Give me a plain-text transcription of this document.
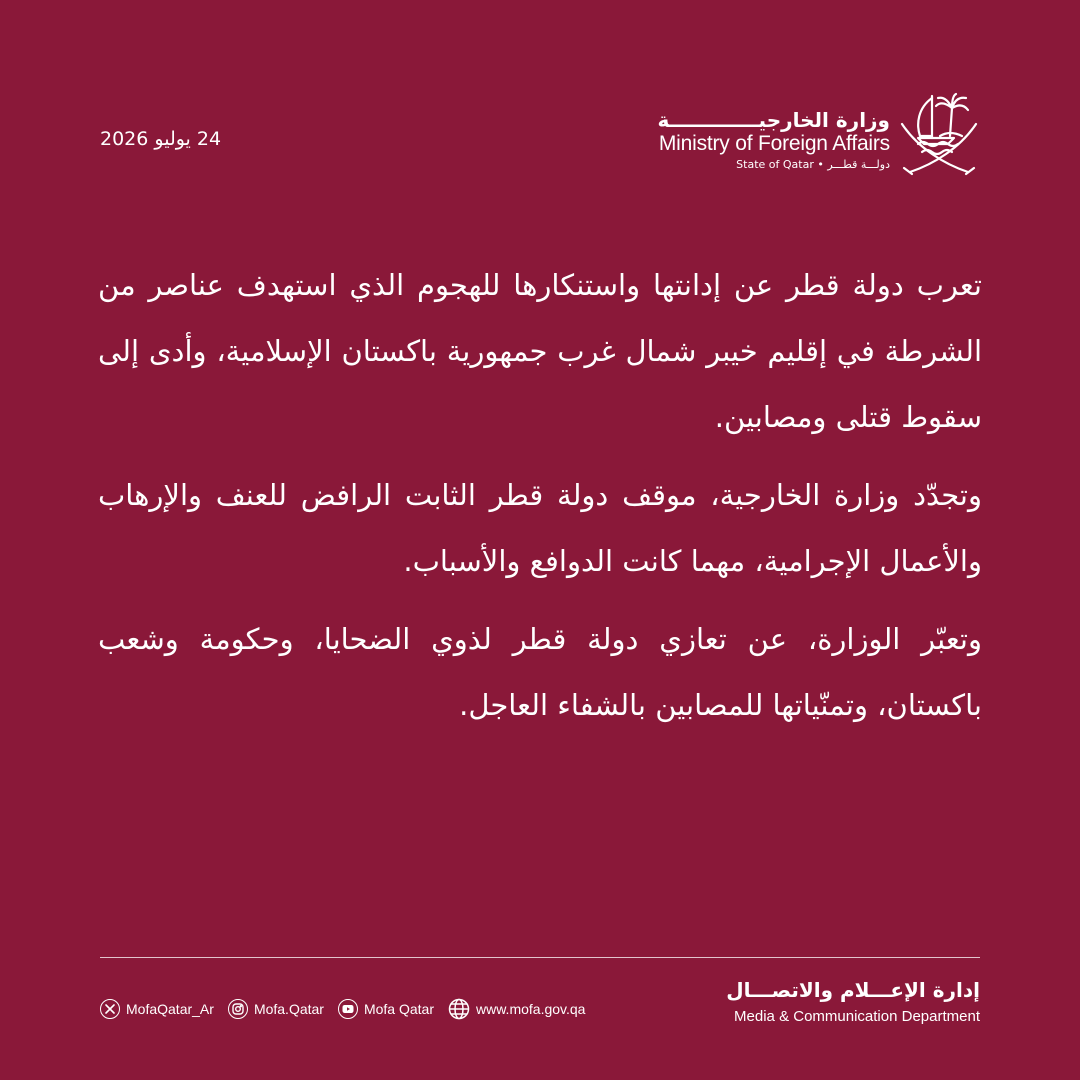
24 يوليو 2026
وزارة الخارجيـــــــــــــة
Ministry of Foreign Affairs
State of Qatar • دولـــة قطـــر

تعرب دولة قطر عن إدانتها واستنكارها للهجوم الذي استهدف عناصر من الشرطة في إقليم خيبر شمال غرب جمهورية باكستان الإسلامية، وأدى إلى سقوط قتلى ومصابين.

وتجدّد وزارة الخارجية، موقف دولة قطر الثابت الرافض للعنف والإرهاب والأعمال الإجرامية، مهما كانت الدوافع والأسباب.

وتعبّر الوزارة، عن تعازي دولة قطر لذوي الضحايا، وحكومة وشعب باكستان، وتمنّياتها للمصابين بالشفاء العاجل.

إدارة الإعـــلام والاتصـــال
Media & Communication Department
MofaQatar_Ar	Mofa.Qatar	Mofa Qatar	www.mofa.gov.qa
